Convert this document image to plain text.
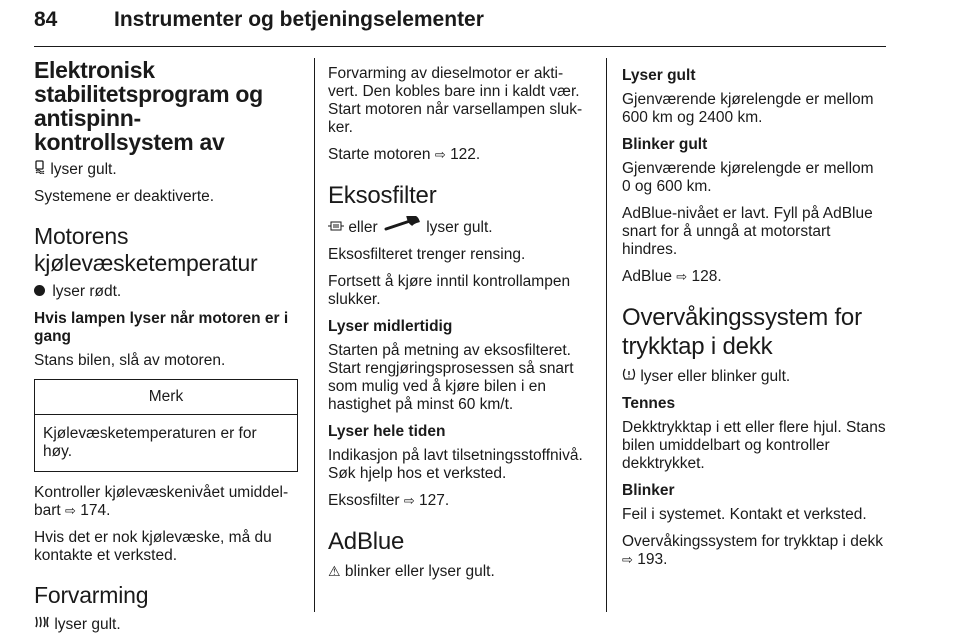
84	Instrumenter og betjeningselementer
Elektronisk stabilitetsprogram og antispinn-kontrollsystem av

lyser gult.

Systemene er deaktiverte.

Motorens kjølevæsketemperatur

lyser rødt.

Hvis lampen lyser når motoren er i gang

Stans bilen, slå av motoren.

Merk
Kjølevæsketemperaturen er for høy.

Kontroller kjølevæskenivået umiddel-bart ⇨ 174.

Hvis det er nok kjølevæske, må du kontakte et verksted.

Forvarming

lyser gult.

Forvarming av dieselmotor er akti-vert. Den kobles bare inn i kaldt vær. Start motoren når varsellampen sluk-ker.

Starte motoren ⇨ 122.

Eksosfilter

eller	lyser gult.

Eksosfilteret trenger rensing.

Fortsett å kjøre inntil kontrollampen slukker.

Lyser midlertidig

Starten på metning av eksosfilteret. Start rengjøringsprosessen så snart som mulig ved å kjøre bilen i en hastighet på minst 60 km/t.

Lyser hele tiden

Indikasjon på lavt tilsetningsstoffnivå. Søk hjelp hos et verksted.

Eksosfilter ⇨ 127.

AdBlue

⚠ blinker eller lyser gult.

Lyser gult

Gjenværende kjørelengde er mellom 600 km og 2400 km.

Blinker gult

Gjenværende kjørelengde er mellom 0 og 600 km.

AdBlue-nivået er lavt. Fyll på AdBlue snart for å unngå at motorstart hindres.

AdBlue ⇨ 128.

Overvåkingssystem for trykktap i dekk

lyser eller blinker gult.

Tennes

Dekktrykktap i ett eller flere hjul. Stans bilen umiddelbart og kontroller dekktrykket.

Blinker

Feil i systemet. Kontakt et verksted.

Overvåkingssystem for trykktap i dekk ⇨ 193.
